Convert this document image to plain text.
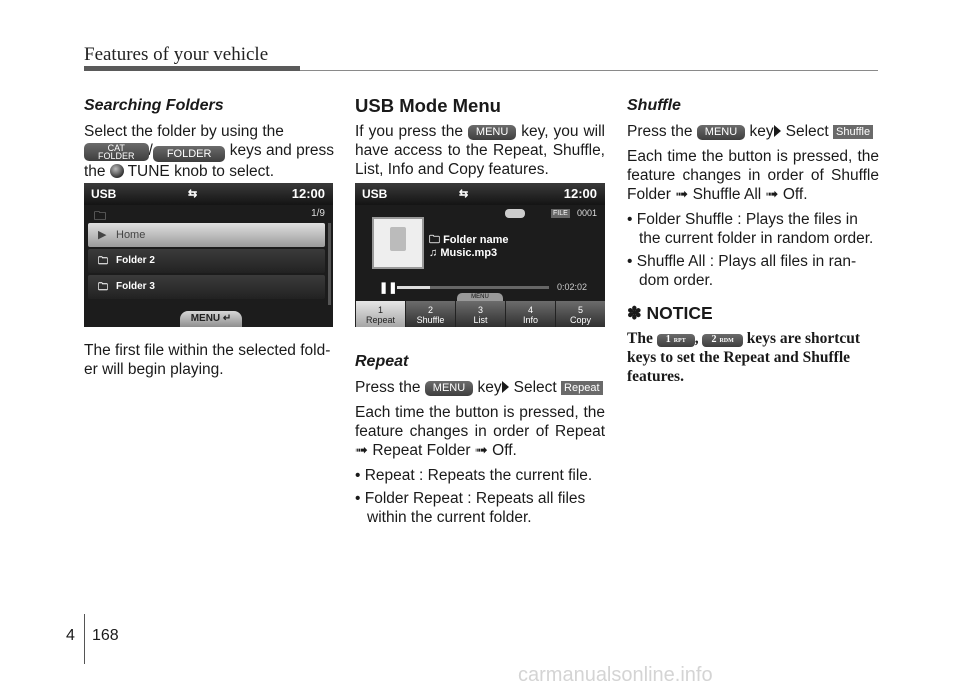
Features of your vehicle
Searching Folders
Select the folder by using the

CAT
FOLDER / FOLDER keys and press
the TUNE knob to select.
USB	⇆	12:00
🗀	1/9
▶ Home
🗀 Folder 2
🗀 Folder 3
MENU ↵
The first file within the selected fold-er will begin playing.
USB Mode Menu
If you press the MENU key, you will have access to the Repeat, Shuffle, List, Info and Copy features.
USB	⇆	12:00
FILE 0001
🗀 Folder name
♫ Music.mp3
❚❚	0:02:02
MENU
1
Repeat
2
Shuffle
3
List
4
Info
5
Copy
Repeat
Press the MENU key Select Repeat
Each time the button is pressed, the feature changes in order of Repeat ➟ Repeat Folder ➟ Off.
• Repeat : Repeats the current file.
• Folder Repeat : Repeats all files within the current folder.
Shuffle
Press the MENU key Select Shuffle
Each time the button is pressed, the feature changes in order of Shuffle Folder ➟ Shuffle All ➟ Off.
• Folder Shuffle : Plays the files in the current folder in random order.
• Shuffle All : Plays all files in ran-dom order.
✽ NOTICE
The 1 RPT , 2 RDM keys are shortcut keys to set the Repeat and Shuffle features.
4 168
carmanualsonline.info
